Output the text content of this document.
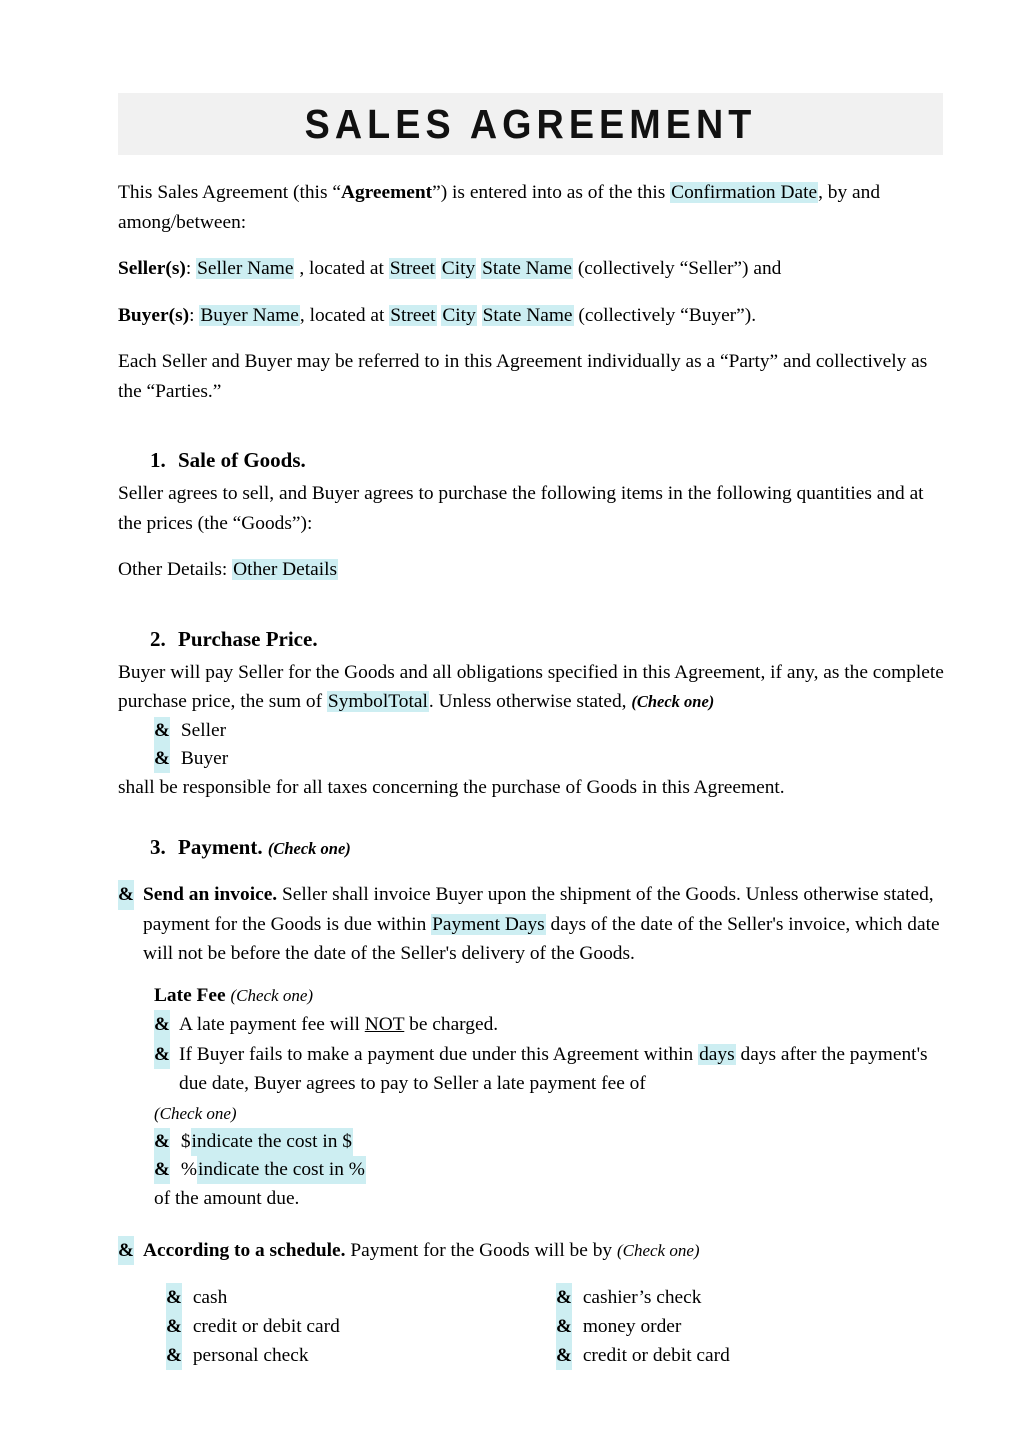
SALES AGREEMENT

This Sales Agreement (this “Agreement”) is entered into as of the this Confirmation Date, by and among/between:

Seller(s): Seller Name , located at Street City State Name (collectively “Seller”) and

Buyer(s): Buyer Name, located at Street City State Name (collectively “Buyer”).

Each Seller and Buyer may be referred to in this Agreement individually as a “Party” and collectively as the “Parties.”

1. Sale of Goods.

Seller agrees to sell, and Buyer agrees to purchase the following items in the following quantities and at the prices (the “Goods”):

Other Details: Other Details

2. Purchase Price.

Buyer will pay Seller for the Goods and all obligations specified in this Agreement, if any, as the complete purchase price, the sum of SymbolTotal. Unless otherwise stated, (Check one)

& Seller
& Buyer

shall be responsible for all taxes concerning the purchase of Goods in this Agreement.

3. Payment. (Check one)

& Send an invoice. Seller shall invoice Buyer upon the shipment of the Goods. Unless otherwise stated, payment for the Goods is due within Payment Days days of the date of the Seller's invoice, which date will not be before the date of the Seller's delivery of the Goods.

Late Fee (Check one)

& A late payment fee will NOT be charged.

& If Buyer fails to make a payment due under this Agreement within days days after the payment's due date, Buyer agrees to pay to Seller a late payment fee of

(Check one)

& $ indicate the cost in $
& % indicate the cost in %

of the amount due.

& According to a schedule. Payment for the Goods will be by (Check one)

& cash
& credit or debit card
& personal check
& cashier’s check
& money order
& credit or debit card
